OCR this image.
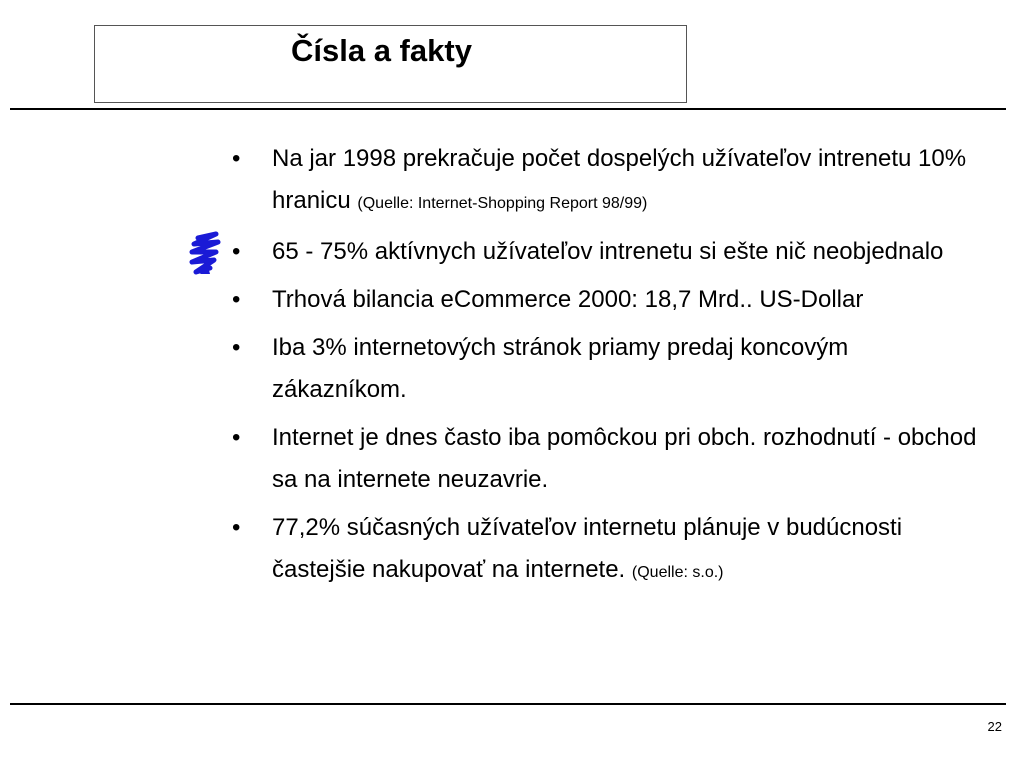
Čísla a fakty
• Na jar 1998 prekračuje počet dospelých užívateľov intrenetu 10% hranicu (Quelle: Internet-Shopping Report 98/99)
• 65 - 75% aktívnych užívateľov intrenetu si ešte nič neobjednalo
• Trhová bilancia eCommerce 2000: 18,7 Mrd.. US-Dollar
• Iba 3% internetových stránok priamy predaj koncovým zákazníkom.
• Internet je dnes často iba pomôckou pri obch. rozhodnutí - obchod sa na internete neuzavrie.
• 77,2% súčasných užívateľov internetu plánuje v budúcnosti častejšie nakupovať na internete. (Quelle: s.o.)
22
